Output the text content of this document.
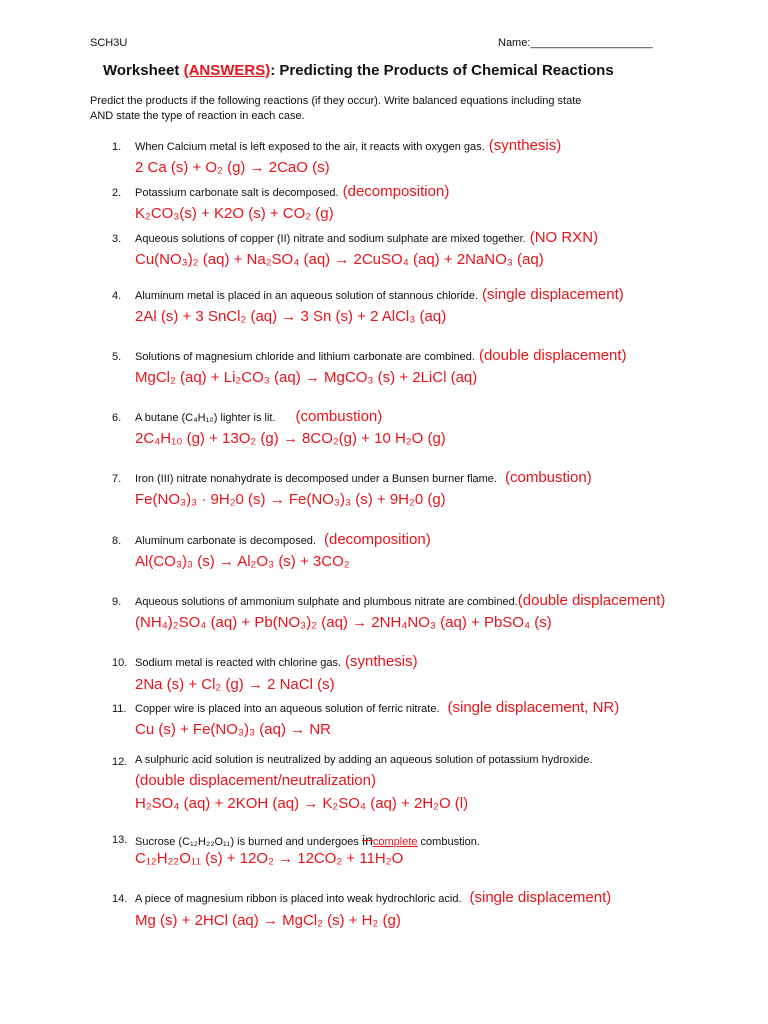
SCH3U	Name:____________________
Worksheet (ANSWERS): Predicting the Products of Chemical Reactions
Predict the products if the following reactions (if they occur). Write balanced equations including state
AND state the type of reaction in each case.
1.	When Calcium metal is left exposed to the air, it reacts with oxygen gas. (synthesis)
2 Ca (s) + O₂ (g) → 2CaO (s)
2.	Potassium carbonate salt is decomposed. (decomposition)
K₂CO₃(s) + K2O (s) + CO₂ (g)
3.	Aqueous solutions of copper (II) nitrate and sodium sulphate are mixed together. (NO RXN)
Cu(NO₃)₂ (aq) + Na₂SO₄ (aq) → 2CuSO₄ (aq) + 2NaNO₃ (aq)
4.	Aluminum metal is placed in an aqueous solution of stannous chloride. (single displacement)
2Al (s) + 3 SnCl₂ (aq) → 3 Sn (s) + 2 AlCl₃ (aq)
5.	Solutions of magnesium chloride and lithium carbonate are combined. (double displacement)
MgCl₂ (aq) + Li₂CO₃ (aq) → MgCO₃ (s) + 2LiCl (aq)
6.	A butane (C₄H₁₀) lighter is lit. (combustion)
2C₄H₁₀ (g) + 13O₂ (g) → 8CO₂(g) + 10 H₂O (g)
7.	Iron (III) nitrate nonahydrate is decomposed under a Bunsen burner flame. (combustion)
Fe(NO₃)₃ · 9H₂0 (s) → Fe(NO₃)₃ (s) + 9H₂0 (g)
8.	Aluminum carbonate is decomposed. (decomposition)
Al(CO₃)₃ (s) → Al₂O₃ (s) + 3CO₂
9.	Aqueous solutions of ammonium sulphate and plumbous nitrate are combined.(double displacement)
(NH₄)₂SO₄ (aq) + Pb(NO₃)₂ (aq) → 2NH₄NO₃ (aq) + PbSO₄ (s)
10. Sodium metal is reacted with chlorine gas. (synthesis)
2Na (s) + Cl₂ (g) → 2 NaCl (s)
11. Copper wire is placed into an aqueous solution of ferric nitrate. (single displacement, NR)
Cu (s) + Fe(NO₃)₃ (aq) → NR
12. A sulphuric acid solution is neutralized by adding an aqueous solution of potassium hydroxide.
(double displacement/neutralization)
H₂SO₄ (aq) + 2KOH (aq) → K₂SO₄ (aq) + 2H₂O (l)
13. Sucrose (C₁₂H₂₂O₁₁) is burned and undergoes incomplete combustion.
C₁₂H₂₂O₁₁ (s) + 12O₂ → 12CO₂ + 11H₂O
14. A piece of magnesium ribbon is placed into weak hydrochloric acid. (single displacement)
Mg (s) + 2HCl (aq) → MgCl₂ (s) + H₂ (g)
